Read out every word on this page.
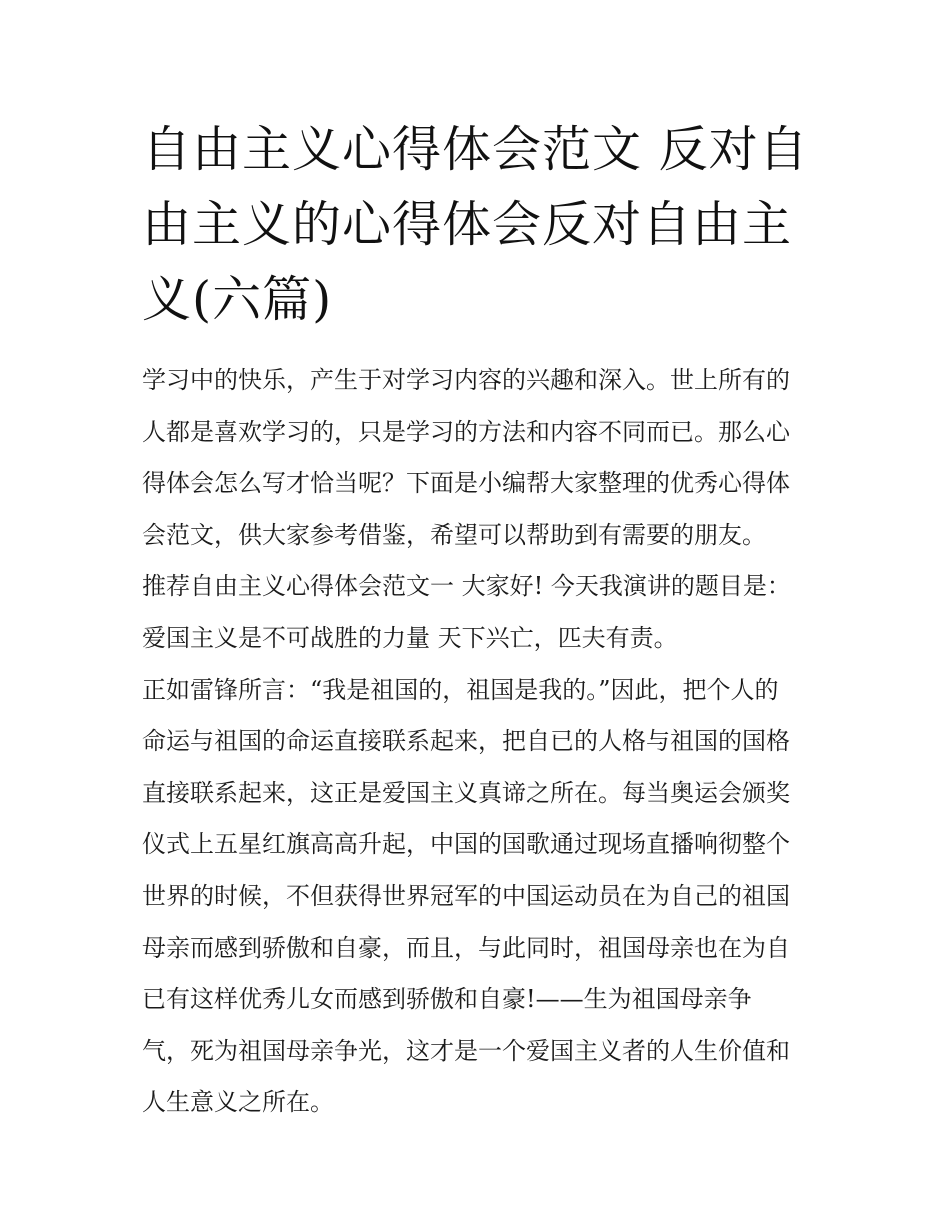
自由主义心得体会范文 反对自
由主义的心得体会反对自由主
义(六篇)
学习中的快乐，产生于对学习内容的兴趣和深入。世上所有的
人都是喜欢学习的，只是学习的方法和内容不同而已。那么心
得体会怎么写才恰当呢？下面是小编帮大家整理的优秀心得体
会范文，供大家参考借鉴，希望可以帮助到有需要的朋友。
推荐自由主义心得体会范文一 大家好! 今天我演讲的题目是：
爱国主义是不可战胜的力量 天下兴亡，匹夫有责。
正如雷锋所言：“我是祖国的，祖国是我的。”因此，把个人的
命运与祖国的命运直接联系起来，把自已的人格与祖国的国格
直接联系起来，这正是爱国主义真谛之所在。每当奥运会颁奖
仪式上五星红旗高高升起，中国的国歌通过现场直播响彻整个
世界的时候，不但获得世界冠军的中国运动员在为自己的祖国
母亲而感到骄傲和自豪，而且，与此同时，祖国母亲也在为自
已有这样优秀儿女而感到骄傲和自豪!——生为祖国母亲争
气，死为祖国母亲争光，这才是一个爱国主义者的人生价值和
人生意义之所在。
